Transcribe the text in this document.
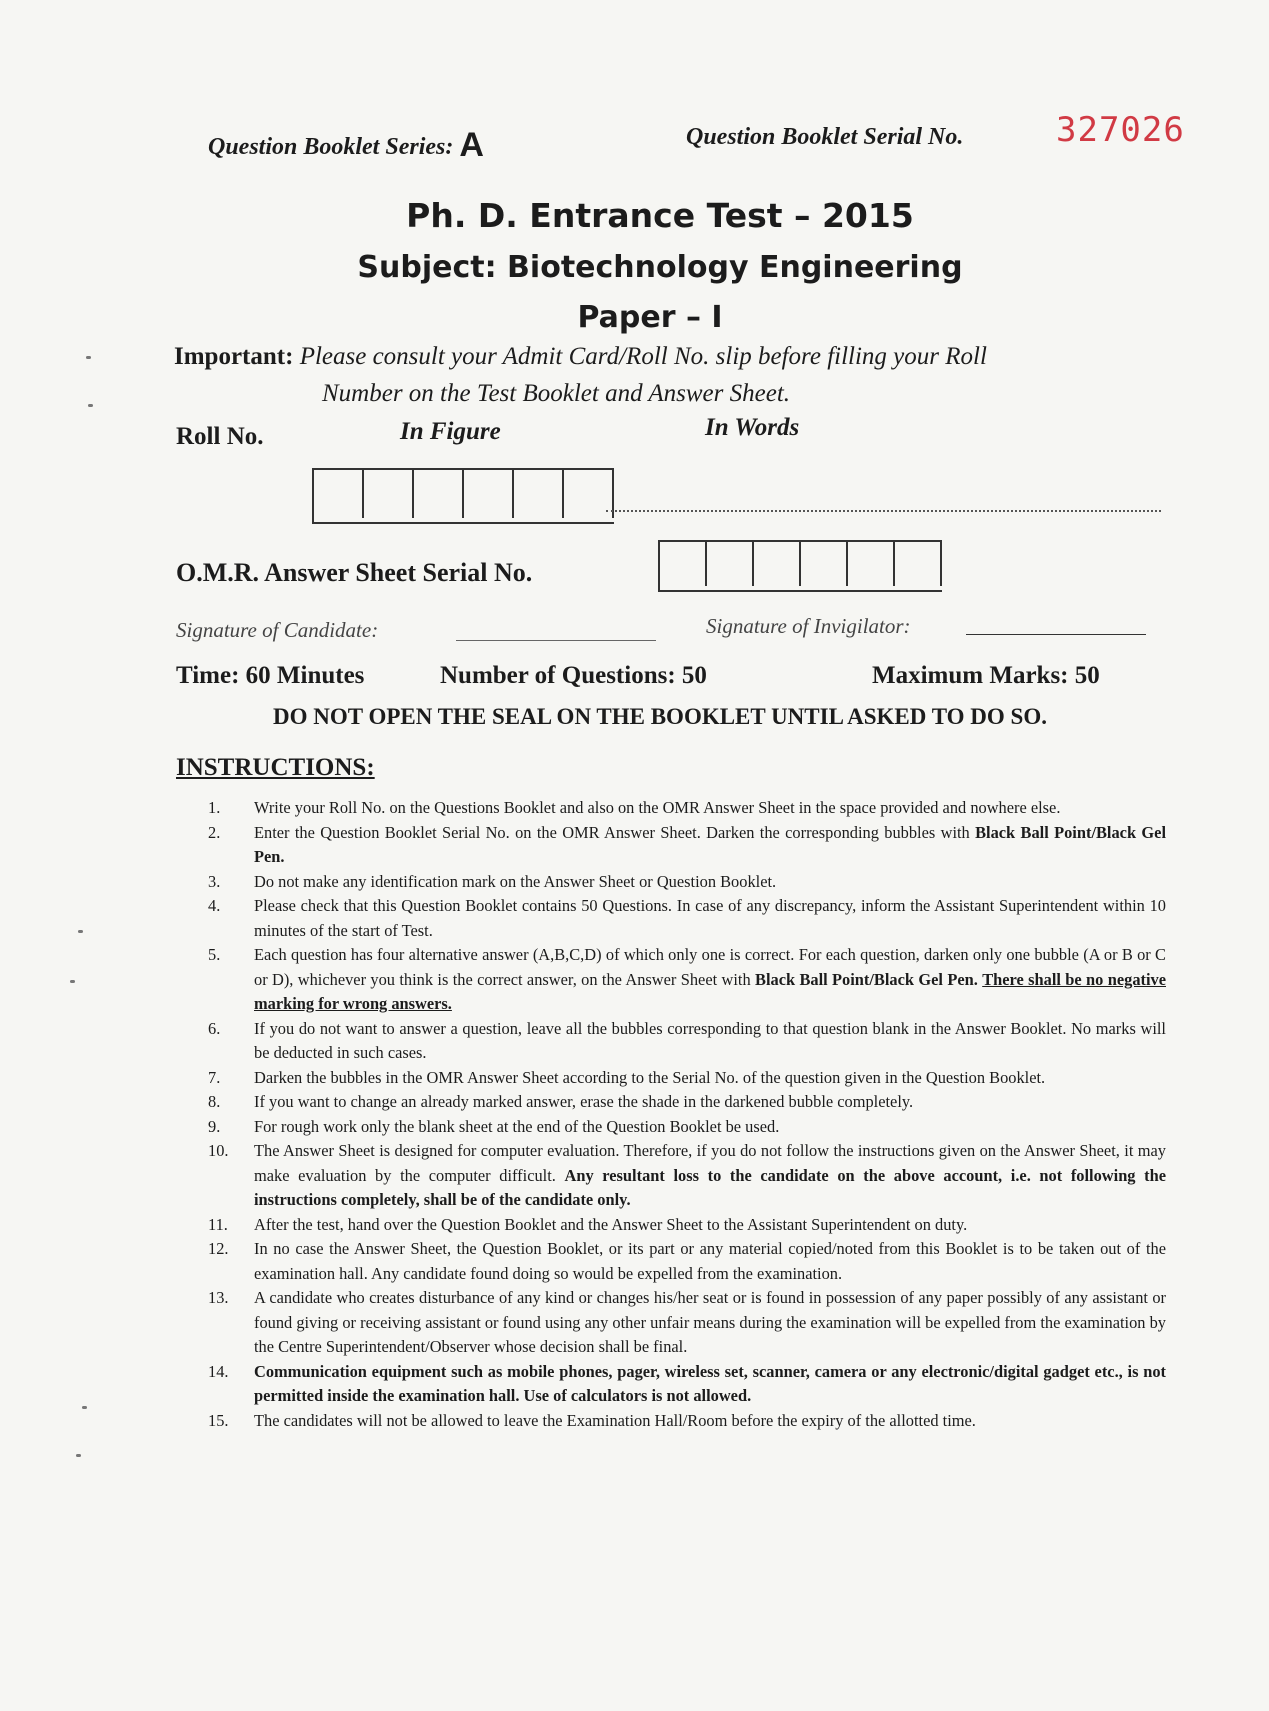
Question Booklet Series: A	Question Booklet Serial No.	327026
Ph. D. Entrance Test – 2015
Subject: Biotechnology Engineering
Paper – I
Important: Please consult your Admit Card/Roll No. slip before filling your Roll
Number on the Test Booklet and Answer Sheet.
Roll No.	In Figure	In Words
O.M.R. Answer Sheet Serial No.
Signature of Candidate:	Signature of Invigilator:
Time: 60 Minutes	Number of Questions: 50	Maximum Marks: 50
DO NOT OPEN THE SEAL ON THE BOOKLET UNTIL ASKED TO DO SO.
INSTRUCTIONS:
1.	Write your Roll No. on the Questions Booklet and also on the OMR Answer Sheet in the space provided and nowhere else.
2.	Enter the Question Booklet Serial No. on the OMR Answer Sheet. Darken the corresponding bubbles with Black Ball Point/Black Gel Pen.
3.	Do not make any identification mark on the Answer Sheet or Question Booklet.
4.	Please check that this Question Booklet contains 50 Questions. In case of any discrepancy, inform the Assistant Superintendent within 10 minutes of the start of Test.
5.	Each question has four alternative answer (A,B,C,D) of which only one is correct. For each question, darken only one bubble (A or B or C or D), whichever you think is the correct answer, on the Answer Sheet with Black Ball Point/Black Gel Pen. There shall be no negative marking for wrong answers.
6.	If you do not want to answer a question, leave all the bubbles corresponding to that question blank in the Answer Booklet. No marks will be deducted in such cases.
7.	Darken the bubbles in the OMR Answer Sheet according to the Serial No. of the question given in the Question Booklet.
8.	If you want to change an already marked answer, erase the shade in the darkened bubble completely.
9.	For rough work only the blank sheet at the end of the Question Booklet be used.
10.	The Answer Sheet is designed for computer evaluation. Therefore, if you do not follow the instructions given on the Answer Sheet, it may make evaluation by the computer difficult. Any resultant loss to the candidate on the above account, i.e. not following the instructions completely, shall be of the candidate only.
11.	After the test, hand over the Question Booklet and the Answer Sheet to the Assistant Superintendent on duty.
12.	In no case the Answer Sheet, the Question Booklet, or its part or any material copied/noted from this Booklet is to be taken out of the examination hall. Any candidate found doing so would be expelled from the examination.
13.	A candidate who creates disturbance of any kind or changes his/her seat or is found in possession of any paper possibly of any assistant or found giving or receiving assistant or found using any other unfair means during the examination will be expelled from the examination by the Centre Superintendent/Observer whose decision shall be final.
14.	Communication equipment such as mobile phones, pager, wireless set, scanner, camera or any electronic/digital gadget etc., is not permitted inside the examination hall. Use of calculators is not allowed.
15.	The candidates will not be allowed to leave the Examination Hall/Room before the expiry of the allotted time.
